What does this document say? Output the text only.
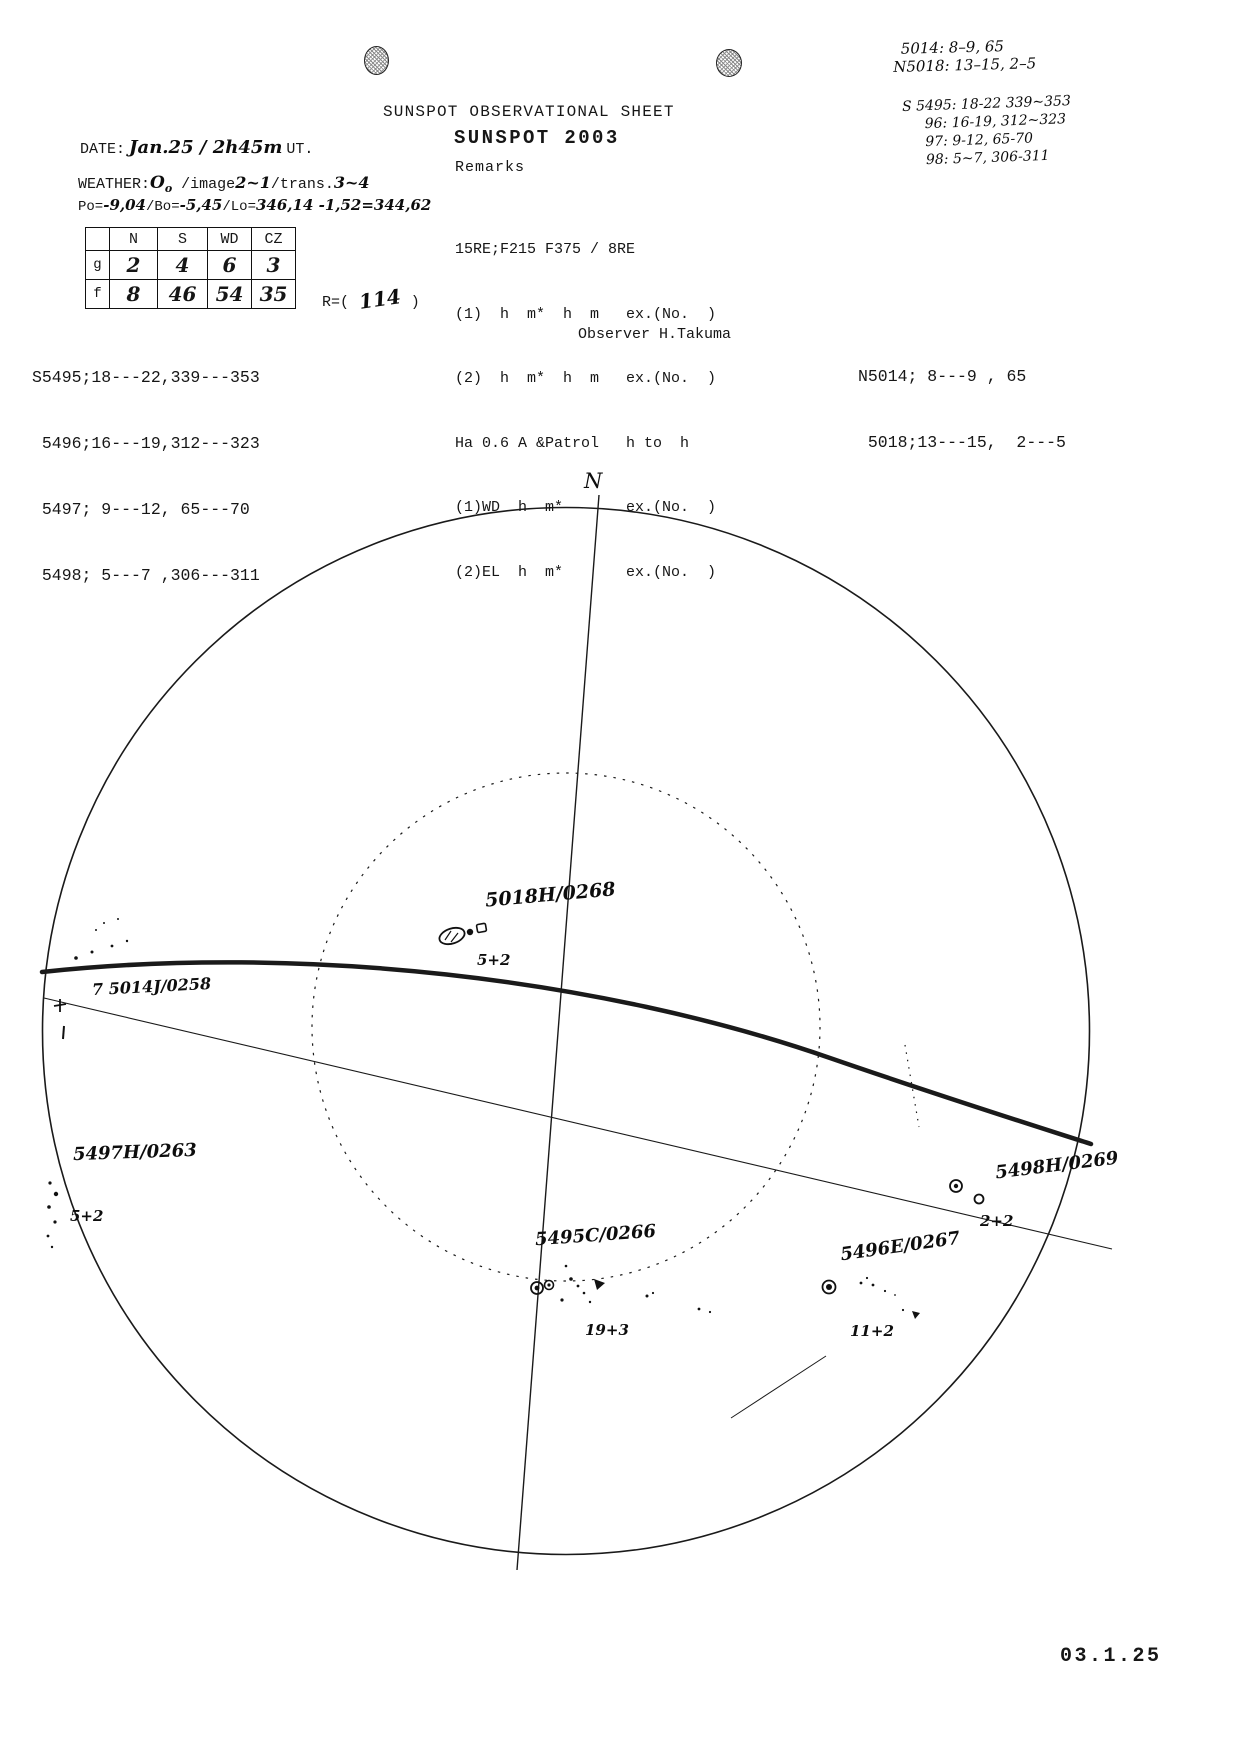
SUNSPOT OBSERVATIONAL SHEET
SUNSPOT 2003
Remarks
5014: 8–9, 65
N5018: 13–15, 2–5
S 5495: 18-22 339~353
96: 16-19, 312~323
97: 9-12, 65-70
98: 5~7, 306-311
DATE: Jan.25 / 2h45m UT.
$WEATHER:O_o$ /image2~1/trans.3~4
Po=-9,04/Bo=-5,45/Lo=346,14 -1,52=344,62
	N	S	WD	CZ
g	2	4	6	3
f	8	46	54	35 R=( 114 )

15RE;F215 F375 / 8RE

(1)  h  m*  h  m   ex.(No.  )

(2)  h  m*  h  m   ex.(No.  )

Ha 0.6 A &Patrol   h to  h

(1)WD  h  m*       ex.(No.  )

(2)EL  h  m*       ex.(No.  )

Observer H.Takuma

S5495;18---22,339---353

5496;16---19,312---323

5497; 9---12, 65---70

5498; 5---7 ,306---311

N5014; 8---9 , 65

5018;13---15,  2---5

N
5018H/0268
5+2
7 5014J/0258
5497H/0263
5+2
5498H/0269
2+2
5495C/0266
19+3
5496E/0267
11+2
03.1.25
